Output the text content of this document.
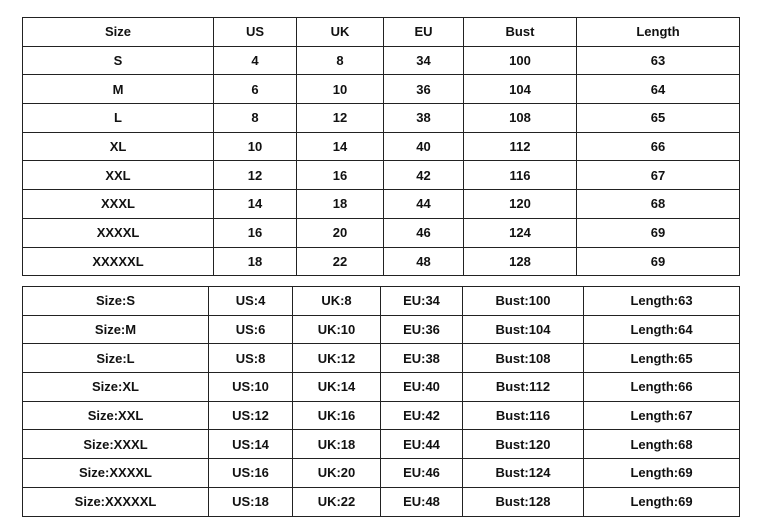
Size	US	UK	EU	Bust	Length
S	4	8	34	100	63
M	6	10	36	104	64
L	8	12	38	108	65
XL	10	14	40	112	66
XXL	12	16	42	116	67
XXXL	14	18	44	120	68
XXXXL	16	20	46	124	69
XXXXXL	18	22	48	128	69
Size:S	US:4	UK:8	EU:34	Bust:100	Length:63
Size:M	US:6	UK:10	EU:36	Bust:104	Length:64
Size:L	US:8	UK:12	EU:38	Bust:108	Length:65
Size:XL	US:10	UK:14	EU:40	Bust:112	Length:66
Size:XXL	US:12	UK:16	EU:42	Bust:116	Length:67
Size:XXXL	US:14	UK:18	EU:44	Bust:120	Length:68
Size:XXXXL	US:16	UK:20	EU:46	Bust:124	Length:69
Size:XXXXXL	US:18	UK:22	EU:48	Bust:128	Length:69
